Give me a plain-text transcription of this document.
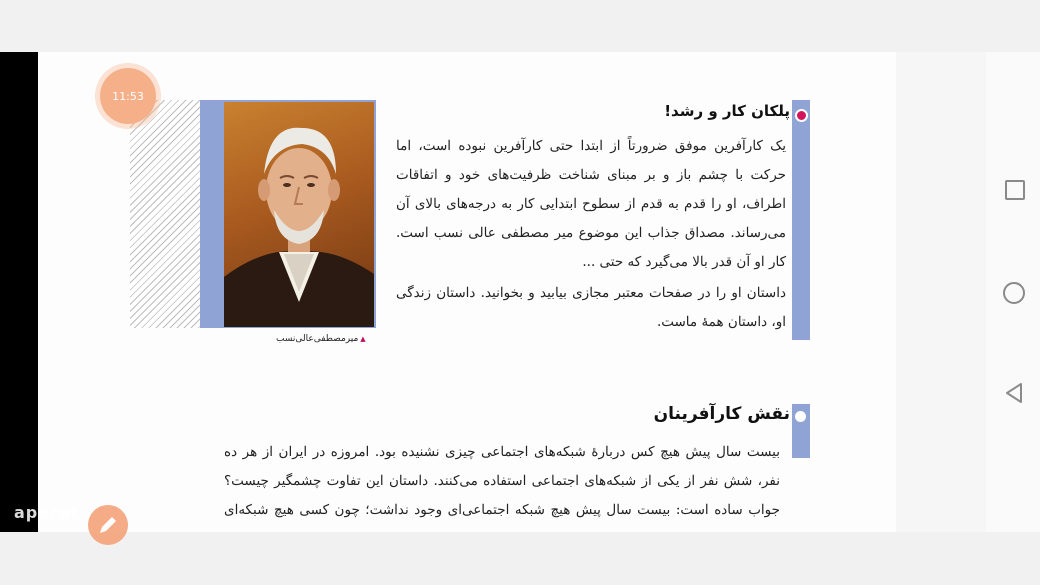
پلکان کار و رشد!

یک کارآفرین موفق ضرورتاً از ابتدا حتی کارآفرین نبوده است، اما حرکت با چشم باز و بر مبنای شناخت ظرفیت‌های خود و اتفاقات اطراف، او را قدم به قدم از سطوح ابتدایی کار به درجه‌های بالای آن می‌رساند. مصداق جذاب این موضوع میر مصطفی عالی نسب است. کار او آن قدر بالا می‌گیرد که حتی ...

داستان او را در صفحات معتبر مجازی بیابید و بخوانید. داستان زندگی او، داستان همهٔ ماست.

نقش کارآفرینان

بیست سال پیش هیچ کس دربارهٔ شبکه‌های اجتماعی چیزی نشنیده بود. امروزه در ایران از هر ده نفر، شش نفر از یکی از شبکه‌های اجتماعی استفاده می‌کنند. داستان این تفاوت چشمگیر چیست؟ جواب ساده است: بیست سال پیش هیچ شبکه اجتماعی‌ای وجود نداشت؛ چون کسی هیچ شبکه‌ای

▲میرمصطفی‌عالی‌نسب
11:53
aparat
